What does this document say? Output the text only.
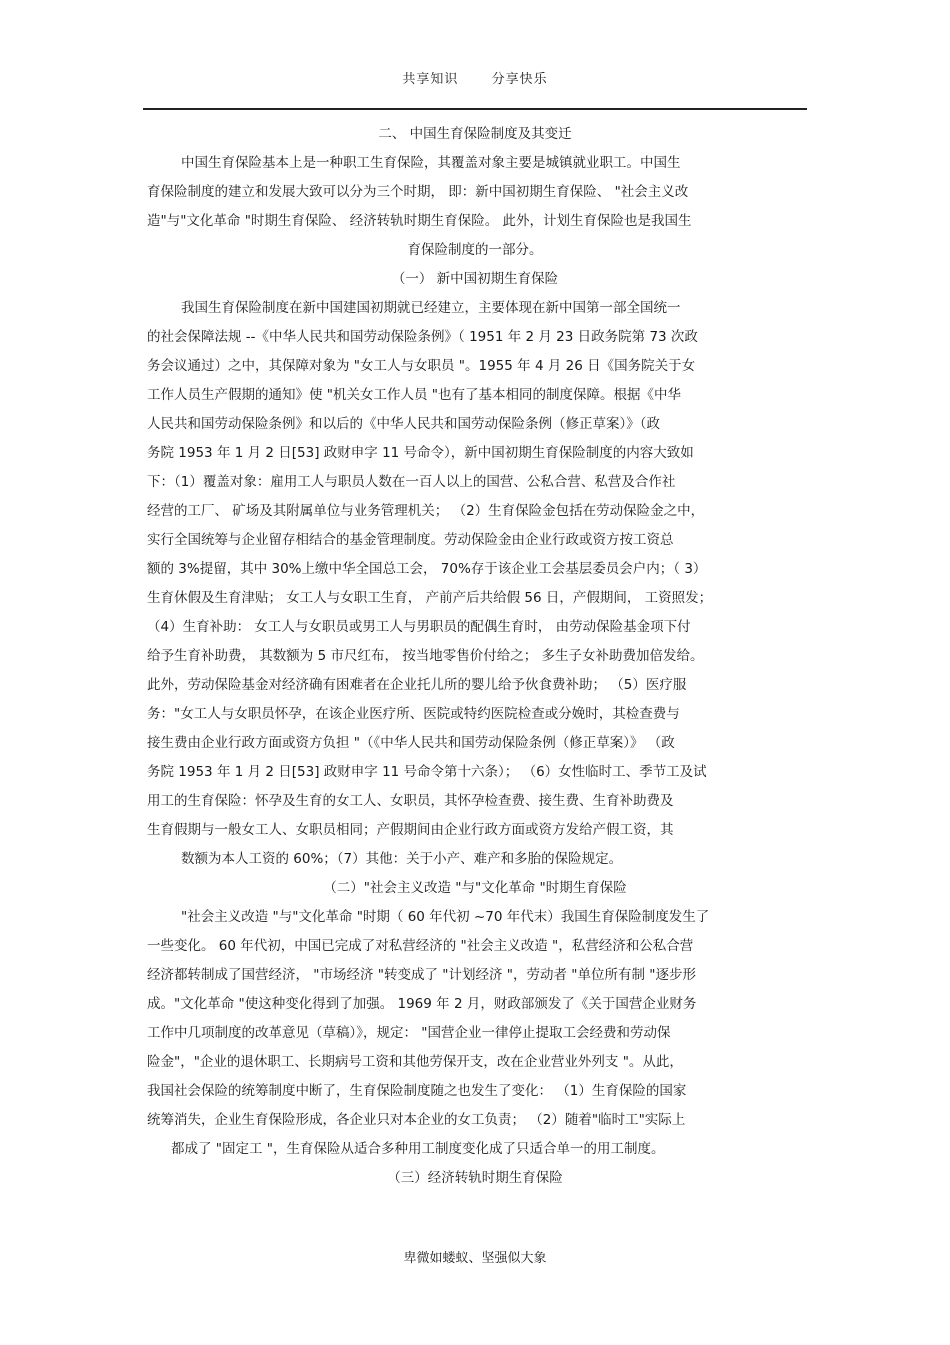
共享知识	分享快乐

二、 中国生育保险制度及其变迁

中国生育保险基本上是一种职工生育保险，其覆盖对象主要是城镇就业职工。中国生
育保险制度的建立和发展大致可以分为三个时期， 即：新中国初期生育保险、 "社会主义改
造"与"文化革命 "时期生育保险、 经济转轨时期生育保险。 此外，计划生育保险也是我国生
育保险制度的一部分。

（一） 新中国初期生育保险

我国生育保险制度在新中国建国初期就已经建立，主要体现在新中国第一部全国统一
的社会保障法规 --《中华人民共和国劳动保险条例》（ 1951 年 2 月 23 日政务院第 73 次政
务会议通过）之中，其保障对象为 "女工人与女职员 "。1955 年 4 月 26 日《国务院关于女
工作人员生产假期的通知》使 "机关女工作人员 "也有了基本相同的制度保障。根据《中华
人民共和国劳动保险条例》和以后的《中华人民共和国劳动保险条例（修正草案）》（政
务院 1953 年 1 月 2 日[53] 政财申字 11 号命令），新中国初期生育保险制度的内容大致如
下：（1）覆盖对象：雇用工人与职员人数在一百人以上的国营、公私合营、私营及合作社
经营的工厂、 矿场及其附属单位与业务管理机关； （2）生育保险金包括在劳动保险金之中，
实行全国统筹与企业留存相结合的基金管理制度。劳动保险金由企业行政或资方按工资总
额的 3%提留，其中 30%上缴中华全国总工会， 70%存于该企业工会基层委员会户内；（ 3）
生育休假及生育津贴； 女工人与女职工生育， 产前产后共给假 56 日，产假期间， 工资照发；
（4）生育补助： 女工人与女职员或男工人与男职员的配偶生育时， 由劳动保险基金项下付
给予生育补助费， 其数额为 5 市尺红布， 按当地零售价付给之； 多生子女补助费加倍发给。
此外，劳动保险基金对经济确有困难者在企业托儿所的婴儿给予伙食费补助； （5）医疗服
务："女工人与女职员怀孕，在该企业医疗所、医院或特约医院检查或分娩时，其检查费与
接生费由企业行政方面或资方负担 "（《中华人民共和国劳动保险条例（修正草案）》 （政
务院 1953 年 1 月 2 日[53] 政财申字 11 号命令第十六条）； （6）女性临时工、季节工及试
用工的生育保险：怀孕及生育的女工人、女职员，其怀孕检查费、接生费、生育补助费及
生育假期与一般女工人、女职员相同；产假期间由企业行政方面或资方发给产假工资，其
数额为本人工资的 60%；（7）其他：关于小产、难产和多胎的保险规定。

（二）"社会主义改造 "与"文化革命 "时期生育保险

"社会主义改造 "与"文化革命 "时期（ 60 年代初 ~70 年代末）我国生育保险制度发生了
一些变化。 60 年代初，中国已完成了对私营经济的 "社会主义改造 "，私营经济和公私合营
经济都转制成了国营经济， "市场经济 "转变成了 "计划经济 "，劳动者 "单位所有制 "逐步形
成。"文化革命 "使这种变化得到了加强。 1969 年 2 月，财政部颁发了《关于国营企业财务
工作中几项制度的改革意见（草稿）》，规定： "国营企业一律停止提取工会经费和劳动保
险金"，"企业的退休职工、长期病号工资和其他劳保开支，改在企业营业外列支 "。从此，
我国社会保险的统筹制度中断了，生育保险制度随之也发生了变化： （1）生育保险的国家
统筹消失，企业生育保险形成，各企业只对本企业的女工负责； （2）随着"临时工"实际上
都成了 "固定工 "，生育保险从适合多种用工制度变化成了只适合单一的用工制度。

（三）经济转轨时期生育保险

卑微如蝼蚁、坚强似大象
